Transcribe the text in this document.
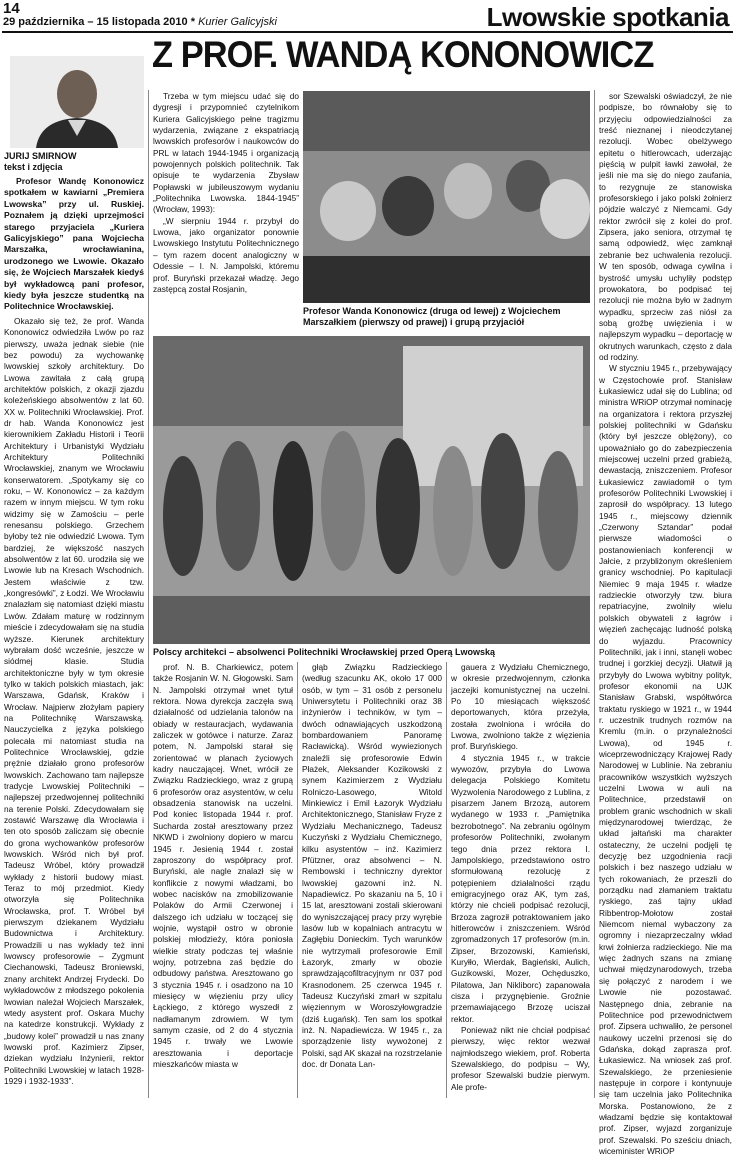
14
29 października – 15 listopada 2010 * Kurier Galicyjski	Lwowskie spotkania
Z PROF. WANDĄ KONONOWICZ
JURIJ SMIRNOW
tekst i zdjęcia

Profesor Wandę Kononowicz spotkałem w kawiarni „Premiera Lwowska” przy ul. Ruskiej. Poznałem ją dzięki uprzejmości starego przyjaciela „Kuriera Galicyjskiego” pana Wojciecha Marszałka, wrocławianina, urodzonego we Lwowie. Okazało się, że Wojciech Marszałek kiedyś był wykładowcą pani profesor, kiedy była jeszcze studentką na Politechnice Wrocławskiej.

Okazało się też, że prof. Wanda Kononowicz odwiedziła Lwów po raz pierwszy, uważa jednak siebie (nie bez powodu) za wychowankę lwowskiej szkoły architektury. Do Lwowa zawitała z całą grupą architektów polskich, z okazji zjazdu koleżeńskiego absolwentów z lat 60. XX w. Politechniki Wrocławskiej. Prof. dr hab. Wanda Kononowicz jest kierownikiem Zakładu Historii i Teorii Architektury i Urbanistyki Wydziału Architektury Politechniki Wrocławskiej, znanym we Wrocławiu konserwatorem. „Spotykamy się co roku, – W. Kononowicz – za każdym razem w innym miejscu. W tym roku widzimy się w Zamościu – perle renesansu polskiego. Grzechem byłoby też nie odwiedzić Lwowa. Tym bardziej, że większość naszych absolwentów z lat 60. urodziła się we Lwowie lub na Kresach Wschodnich. Jestem właściwie z tzw. „kongresówki”, z Łodzi. We Wrocławiu znalazłam się natomiast dzięki miastu Lwów. Zdałam maturę w rodzinnym mieście i zdecydowałam się na studia wyższe. Kierunek architektury wybrałam dość wcześnie, jeszcze w siódmej klasie. Studia architektoniczne były w tym okresie tylko w takich polskich miastach, jak: Warszawa, Gdańsk, Kraków i Wrocław. Najpierw złożyłam papiery na Politechnikę Warszawską. Nauczycielka z języka polskiego polecała mi natomiast studia na Politechnice Wrocławskiej, gdzie prężnie działało grono profesorów lwowskich. Zachowano tam najlepsze tradycje Lwowskiej Politechniki – najlepszej przedwojennej politechniki na terenie Polski. Zdecydowałam się zostawić Warszawę dla Wrocławia i ten oto sposób zaliczam się obecnie do grona wychowanków profesorów lwowskich. Wśród nich był prof. Tadeusz Wróbel, który prowadził wykłady z historii budowy miast. Teraz to mój przedmiot. Kiedy otworzyła się Politechnika Wrocławska, prof. T. Wróbel był pierwszym dziekanem Wydziału Budownictwa i Architektury. Prowadzili u nas wykłady też inni lwowscy profesorowie – Zygmunt Ciechanowski, Tadeusz Broniewski, znany architekt Andrzej Frydecki. Do wykładowców z młodszego pokolenia lwowian należał Wojciech Marszałek, wtedy asystent prof. Oskara Muchy na katedrze konstrukcji. Wykłady z „budowy kolei” prowadził u nas znany lwowski prof. Kazimierz Zipser, dziekan wydziału Inżynierii, rektor Politechniki Lwowskiej w latach 1928-1929 i 1932-1933”.

Trzeba w tym miejscu udać się do dygresji i przypomnieć czytelnikom Kuriera Galicyjskiego pełne tragizmu wydarzenia, związane z ekspatriacją lwowskich profesorów i naukowców do PRL w latach 1944-1945 i organizacją powojennych polskich politechnik. Tak opisuje te wydarzenia Zbysław Popławski w jubileuszowym wydaniu „Politechnika Lwowska. 1844-1945” (Wrocław, 1993):

„W sierpniu 1944 r. przybył do Lwowa, jako organizator ponownie Lwowskiego Instytutu Politechnicznego – tym razem docent analogiczny w Odessie – I. N. Jampolski, któremu prof. Buryński przekazał władzę. Jego zastępcą został Rosjanin,

Profesor Wanda Kononowicz (druga od lewej) z Wojciechem Marszałkiem (pierwszy od prawej) i grupą przyjaciół

sor Szewalski oświadczył, że nie podpisze, bo równałoby się to przyjęciu odpowiedzialności za treść nieznanej i nieodczytanej rezolucji. Wobec obelżywego epitetu o hitlerowcach, uderzając pięścią w pulpit ławki zawołał, że jeśli nie ma się do niego zaufania, to rezygnuje ze stanowiska profesorskiego i jako polski żołnierz pójdzie walczyć z Niemcami. Gdy rektor zwrócił się z kolei do prof. Zipsera, jako seniora, otrzymał tę samą odpowiedź, więc zamknął zebranie bez uchwalenia rezolucji. W ten sposób, odwaga cywilna i bystrość umysłu uchyliły podstęp prowokatora, bo podpisać tej rezolucji nie można było w żadnym wypadku, sprzeciw zaś niósł za sobą groźbę uwięzienia i w najlepszym wypadku – deportację w okrutnych warunkach, często z dala od rodziny.

W styczniu 1945 r., przebywający w Częstochowie prof. Stanisław Łukasiewicz udał się do Lublina; od ministra WRiOP otrzymał nominację na organizatora i rektora przyszłej polskiej politechniki w Gdańsku (który był jeszcze oblężony), co upoważniało go do zabezpieczenia miejscowej uczelni przed grabieżą, dewastacją, zniszczeniem. Profesor Łukasiewicz zawiadomił o tym profesorów Politechniki Lwowskiej i zaprosił do współpracy. 13 lutego 1945 r., miejscowy dziennik „Czerwony Sztandar” podał pierwsze wiadomości o postanowieniach konferencji w Jałcie, z przybliżonym określeniem granicy wschodniej. Po kapitulacji Niemiec 9 maja 1945 r. władze radzieckie otworzyły tzw. biura repatriacyjne, zwolniły wielu polskich obywateli z łagrów i więzień zachęcając ludność polską do wyjazdu. Pracownicy Politechniki, jak i inni, stanęli wobec trudnej i gorzkiej decyzji. Ułatwił ją przybyły do Lwowa wybitny polityk, profesor ekonomii na UJK Stanisław Grabski, współtwórca traktatu ryskiego w 1921 r., w 1944 r. uczestnik trudnych rozmów na Kremlu (m.in. o przynależności Lwowa), od 1945 r. wiceprzewodniczący Krajowej Rady Narodowej w Lublinie. Na zebraniu pracowników wszystkich wyższych uczelni Lwowa w auli na Politechnice, przedstawił on problem granic wschodnich w skali międzynarodowej twierdząc, że układ jałtański ma charakter ostateczny, że uczelni podjęli tę decyzję bez uzgodnienia racji polskich i bez naszego udziału w tych rokowaniach, że przeszli do porządku nad złamaniem traktatu ryskiego, zaś tajny układ Ribbentrop-Mołotow został Niemcom niemal wybaczony za ogromny i niezaprzeczalny wkład krwi żołnierza radzieckiego. Nie ma więc żadnych szans na zmianę uchwał międzynarodowych, trzeba się połączyć z narodem i we Lwowie nie pozostawać. Następnego dnia, zebranie na Politechnice pod przewodnictwem prof. Zipsera uchwaliło, że personel naukowy uczelni przenosi się do Gdańska, dokąd zaprasza prof. Łukasiewicz. Na wniosek zaś prof. Szewalskiego, że przeniesienie następuje in corpore i kontynuuje się tam uczelnia jako Politechnika Morska. Postanowiono, że z władzami będzie się kontaktował prof. Zipser, wyjazd zorganizuje prof. Szewalski. Po sześciu dniach, wiceminister WRiOP

Polscy architekci – absolwenci Politechniki Wrocławskiej przed Operą Lwowską

prof. N. B. Charkiewicz, potem także Rosjanin W. N. Głogowski. Sam N. Jampolski otrzymał wnet tytuł rektora. Nowa dyrekcja zaczęła swą działalność od udzielania talonów na obiady w restauracjach, wydawania zaliczek w gotówce i naturze. Zaraz potem, N. Jampolski starał się zorientować w planach życiowych kadry nauczającej. Wnet, wrócił ze Związku Radzieckiego, wraz z grupą 6 profesorów oraz asystentów, w celu obsadzenia stanowisk na uczelni. Pod koniec listopada 1944 r. prof. Sucharda został aresztowany przez NKWD i zwolniony dopiero w marcu 1945 r. Jesienią 1944 r. został zaproszony do współpracy prof. Buryński, ale nagle znalazł się w konflikcie z nowymi władzami, bo wobec nacisków na zmobilizowanie Polaków do Armii Czerwonej i dalszego ich udziału w toczącej się wojnie, wystąpił ostro w obronie polskiej młodzieży, która poniosła wielkie straty podczas tej właśnie wojny, potrzebna zaś będzie do odbudowy państwa. Aresztowano go 3 stycznia 1945 r. i osadzono na 10 miesięcy w więzieniu przy ulicy Łąckiego, z którego wyszedł z nadłamanym zdrowiem. W tym samym czasie, od 2 do 4 stycznia 1945 r. trwały we Lwowie aresztowania i deportacje mieszkańców miasta w

głąb Związku Radzieckiego (według szacunku AK, około 17 000 osób, w tym – 31 osób z personelu Uniwersytetu i Politechniki oraz 38 inżynierów i techników, w tym – dwóch odnawiających uszkodzoną bombardowaniem Panoramę Racławicką). Wśród wywiezionych znaleźli się profesorowie Edwin Płażek, Aleksander Kozikowski z synem Kazimierzem z Wydziału Rolniczo-Lasowego, Witold Minkiewicz i Emil Łazoryk Wydziału Architektonicznego, Stanisław Fryze z Wydziału Mechanicznego, Tadeusz Kuczyński z Wydziału Chemicznego, kilku asystentów – inż. Kazimierz Pfützner, oraz absolwenci – N. Rembowski i techniczny dyrektor lwowskiej gazowni inż. N. Napadiewicz. Po skazaniu na 5, 10 i 15 lat, aresztowani zostali skierowani do wyniszczającej pracy przy wyrębie lasów lub w kopalniach antracytu w Zagłębiu Donieckim. Tych warunków nie wytrzymali profesorowie Emil Łazoryk, zmarły w obozie sprawdzającofiltracyjnym nr 037 pod Krasnodonem. 25 czerwca 1945 r. Tadeusz Kuczyński zmarł w szpitalu więziennym w Woroszyłowgradzie (dziś Ługańsk). Ten sam los spotkał inż. N. Napadiewicza. W 1945 r., za sporządzenie listy wywożonej z Polski, sąd AK skazał na rozstrzelanie doc. dr Donata Lan-

gauera z Wydziału Chemicznego, w okresie przedwojennym, członka jaczejki komunistycznej na uczelni. Po 10 miesiącach większość deportowanych, która przeżyła, została zwolniona i wróciła do Lwowa, zwolniono także z więzienia prof. Buryńskiego.

4 stycznia 1945 r., w trakcie wywozów, przybyła do Lwowa delegacja Polskiego Komitetu Wyzwolenia Narodowego z Lublina, z pisarzem Janem Brzozą, autorem wydanego w 1933 r. „Pamiętnika bezrobotnego”. Na zebraniu ogólnym profesorów Politechniki, zwołanym tego dnia przez rektora I. Jampolskiego, przedstawiono ostro sformułowaną rezolucję z potępieniem działalności rządu emigracyjnego oraz AK, tym zaś, którzy nie chcieli podpisać rezolucji, Brzoza zagroził potraktowaniem jako hitlerowców i zniszczeniem. Wśród zgromadzonych 17 profesorów (m.in. Zipser, Brzozowski, Kamieński, Kuryłło, Wierdak, Bagieński, Aulich, Guzikowski, Mozer, Ochęduszko, Pilatowa, Jan Nikliborc) zapanowała cisza i przygnębienie. Groźnie przemawiającego Brzozę uciszał rektor.

Ponieważ nikt nie chciał podpisać pierwszy, więc rektor wezwał najmłodszego wiekiem, prof. Roberta Szewalskiego, do podpisu – Wy, profesor Szewalski budzie pierwym. Ale profe-
